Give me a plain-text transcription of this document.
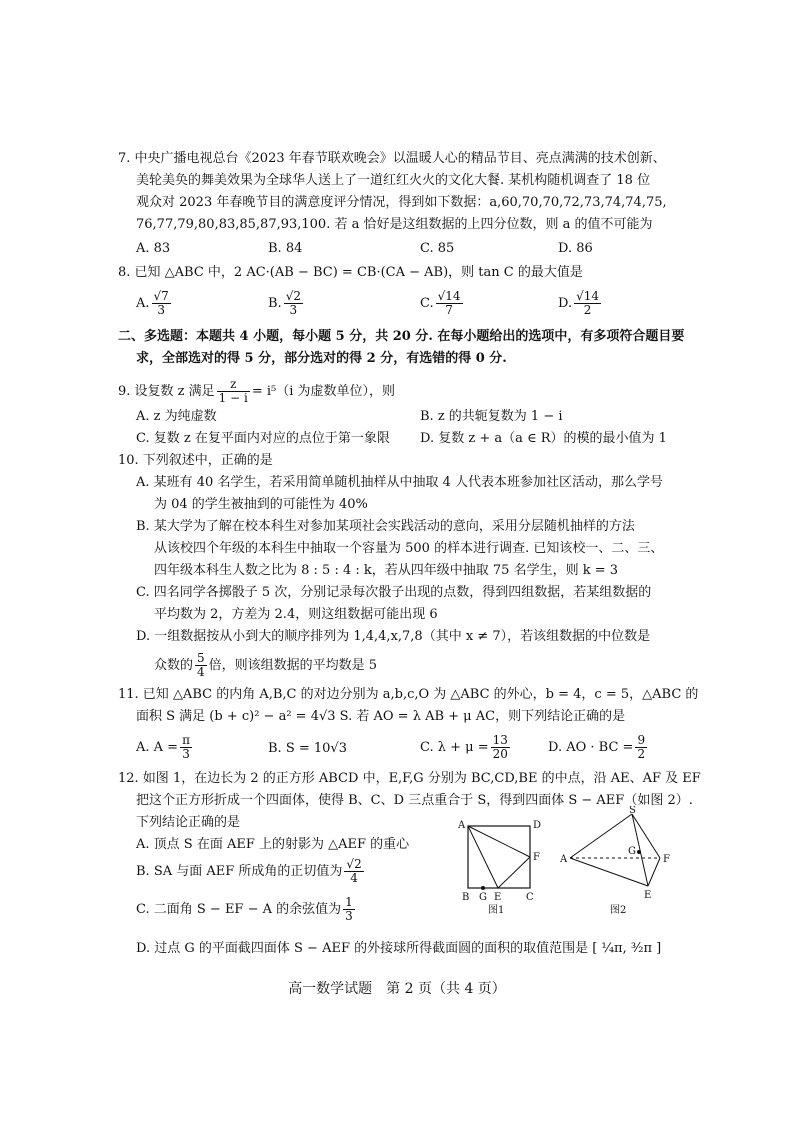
7. 中央广播电视总台《2023 年春节联欢晚会》以温暖人心的精品节目、亮点满满的技术创新、
美轮美奂的舞美效果为全球华人送上了一道红红火火的文化大餐. 某机构随机调查了 18 位
观众对 2023 年春晚节目的满意度评分情况，得到如下数据：a,60,70,70,72,73,74,74,75,
76,77,79,80,83,85,87,93,100. 若 a 恰好是这组数据的上四分位数，则 a 的值不可能为
A. 83	B. 84	C. 85	D. 86
8. 已知 △ABC 中，2 AC·(AB − BC) = CB·(CA − AB)，则 tan C 的最大值是
A. $\frac{√7}{3}$	B. $\frac{√2}{3}$	C. $\frac{√14}{7}$	D. $\frac{√14}{2}$
二、多选题：本题共 4 小题，每小题 5 分，共 20 分. 在每小题给出的选项中，有多项符合题目要
求，全部选对的得 5 分，部分选对的得 2 分，有选错的得 0 分.
9. 设复数 z 满足 $\frac{z}{1 - i} = i^5(i$ 为虚数单位），则
A. z 为纯虚数	B. z 的共轭复数为 1 − i
C. 复数 z 在复平面内对应的点位于第一象限 D. 复数 z + a（a ∈ R）的模的最小值为 1
10. 下列叙述中，正确的是
A. 某班有 40 名学生，若采用简单随机抽样从中抽取 4 人代表本班参加社区活动，那么学号
为 04 的学生被抽到的可能性为 40%
B. 某大学为了解在校本科生对参加某项社会实践活动的意向，采用分层随机抽样的方法
从该校四个年级的本科生中抽取一个容量为 500 的样本进行调查. 已知该校一、二、三、
四年级本科生人数之比为 8 : 5 : 4 : k，若从四年级中抽取 75 名学生，则 k = 3
C. 四名同学各掷骰子 5 次，分别记录每次骰子出现的点数，得到四组数据，若某组数据的
平均数为 2，方差为 2.4，则这组数据可能出现 6
D. 一组数据按从小到大的顺序排列为 1,4,4,x,7,8（其中 x ≠ 7），若该组数据的中位数是
众数的 $\frac{5}{4}$ 倍，则该组数据的平均数是 5
11. 已知 △ABC 的内角 A,B,C 的对边分别为 a,b,c,O 为 △ABC 的外心，b = 4，c = 5，△ABC 的
面积 S 满足 (b + c)² − a² = 4√3 S. 若 AO = λ AB + μ AC，则下列结论正确的是
A. $A = \frac{\pi}{3}$	B. S = 10√3	C. $\lambda + \mu = \frac{13}{20}$	D. AO · BC = $\frac{9}{2}$
12. 如图 1，在边长为 2 的正方形 ABCD 中，E,F,G 分别为 BC,CD,BE 的中点，沿 AE、AF 及 EF
把这个正方形折成一个四面体，使得 B、C、D 三点重合于 S，得到四面体 S − AEF（如图 2）.
下列结论正确的是
A. 顶点 S 在面 AEF 上的射影为 △AEF 的重心
B. SA 与面 AEF 所成角的正切值为 $\frac{√2}{4}$
C. 二面角 S − EF − A 的余弦值为 $\frac{1}{3}$
D. 过点 G 的平面截四面体 S − AEF 的外接球所得截面圆的面积的取值范围是 [ ¼π, ³⁄₂π ]
A	D
F
B G E C
图1
S
A
G
F
E
图2
高一数学试题　第 2 页（共 4 页）
